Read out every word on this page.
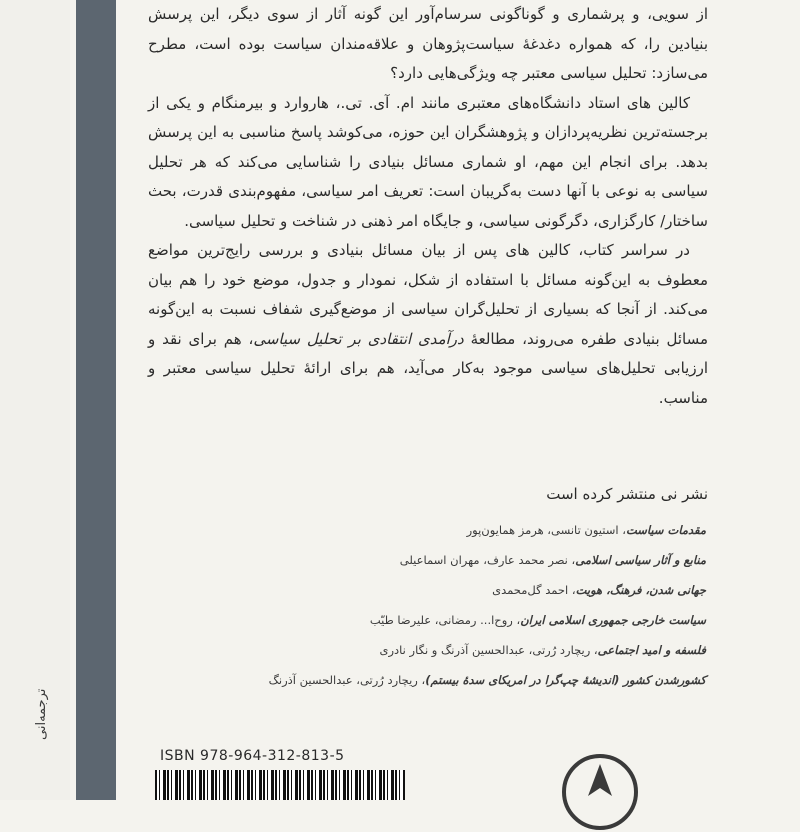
ترجمه‌انی

از سویی، و پرشماری و گوناگونی سرسام‌آور این گونه آثار از سوی دیگر، این پرسش بنیادین را، که همواره دغدغهٔ سیاست‌پژوهان و علاقه‌مندان سیاست بوده است، مطرح می‌سازد: تحلیل سیاسی معتبر چه ویژگی‌هایی دارد؟

کالین های استاد دانشگاه‌های معتبری مانند ام. آی. تی.، هاروارد و بیرمنگام و یکی از برجسته‌ترین نظریه‌پردازان و پژوهشگران این حوزه، می‌کوشد پاسخ مناسبی به این پرسش بدهد. برای انجام این مهم، او شماری مسائل بنیادی را شناسایی می‌کند که هر تحلیل سیاسی به نوعی با آنها دست به‌گریبان است: تعریف امر سیاسی، مفهوم‌بندی قدرت، بحث ساختار/ کارگزاری، دگرگونی سیاسی، و جایگاه امر ذهنی در شناخت و تحلیل سیاسی.

در سراسر کتاب، کالین های پس از بیان مسائل بنیادی و بررسی رایج‌ترین مواضع معطوف به این‌گونه مسائل با استفاده از شکل، نمودار و جدول، موضع خود را هم بیان می‌کند. از آنجا که بسیاری از تحلیل‌گران سیاسی از موضع‌گیری شفاف نسبت به این‌گونه مسائل بنیادی طفره می‌روند، مطالعهٔ درآمدی انتقادی بر تحلیل سیاسی، هم برای نقد و ارزیابی تحلیل‌های سیاسی موجود به‌کار می‌آید، هم برای ارائهٔ تحلیل سیاسی معتبر و مناسب.

نشر نی منتشر کرده است
مقدمات سیاست، استیون تانسی، هرمز همایون‌پور
منابع و آثار سیاسی اسلامی، نصر محمد عارف، مهران اسماعیلی
جهانی شدن، فرهنگ، هویت، احمد گل‌محمدی
سیاست خارجی جمهوری اسلامی ایران، روح‌ا... رمضانی، علیرضا طیّب
فلسفه و امید اجتماعی، ریچارد رُرتی، عبدالحسین آذرنگ و نگار نادری
کشورشدن کشور (اندیشهٔ چپ‌گرا در امریکای سدهٔ بیستم)، ریچارد رُرتی، عبدالحسین آذرنگ
ISBN 978-964-312-813-5
